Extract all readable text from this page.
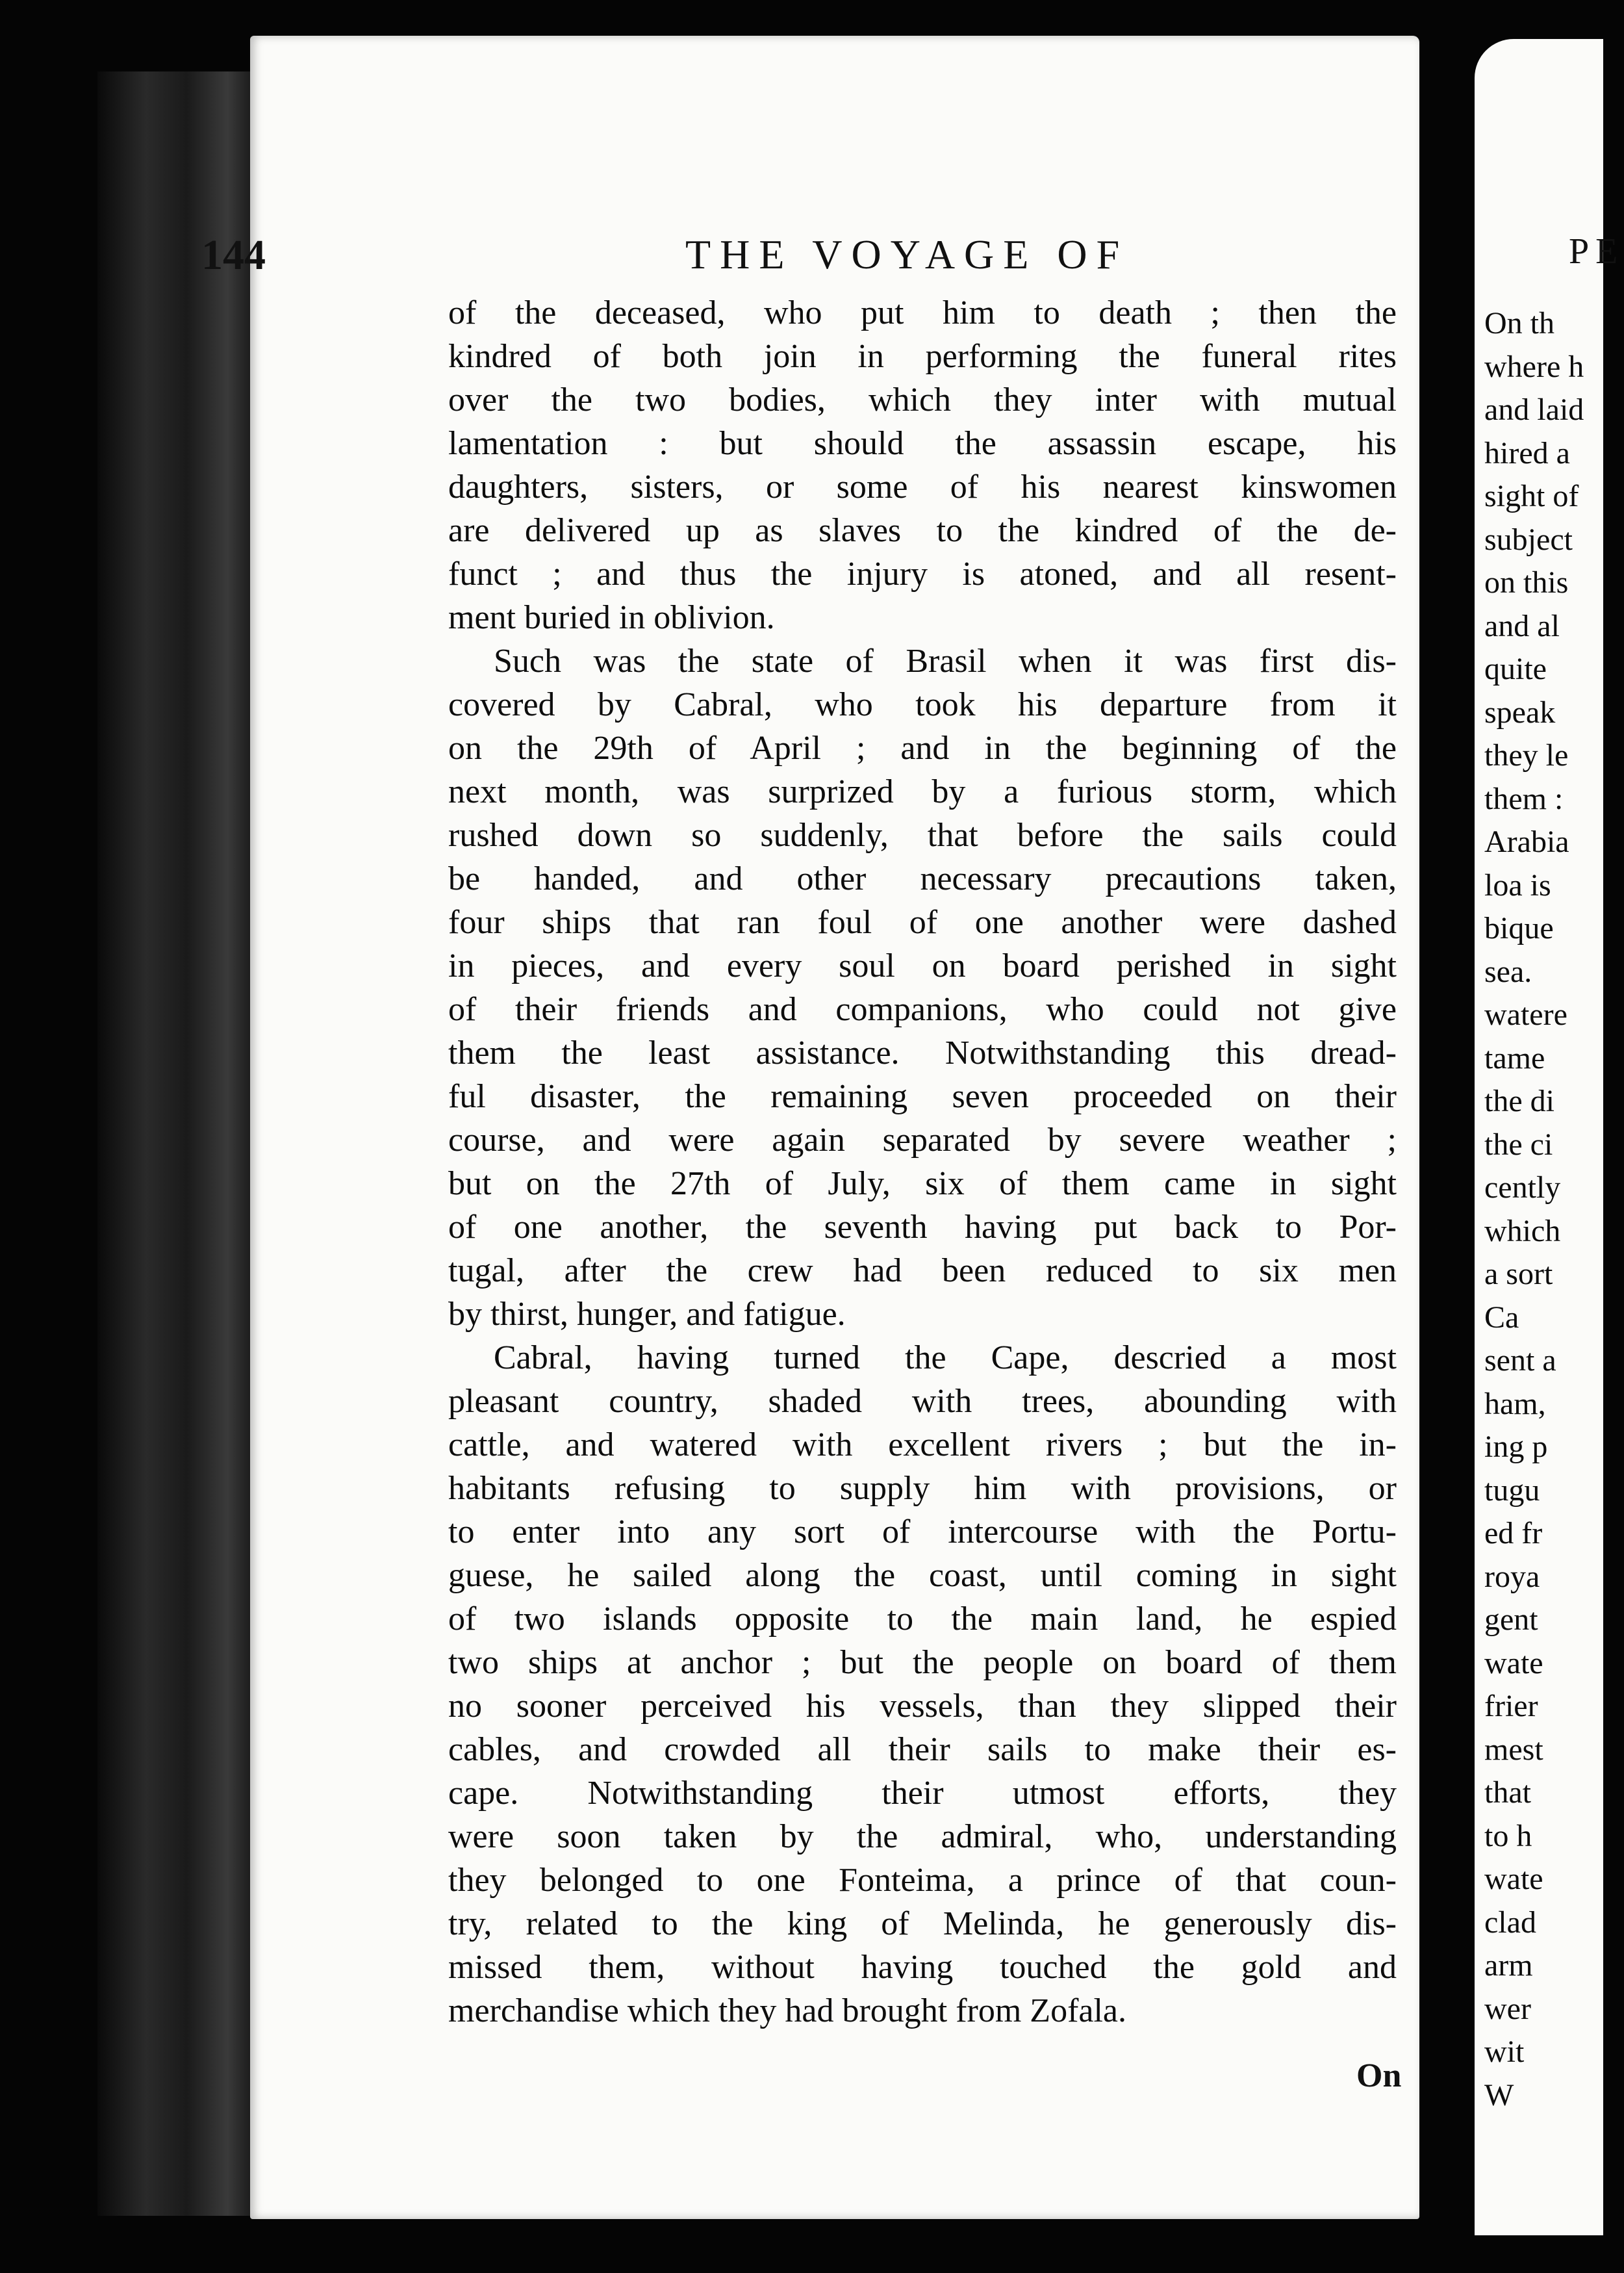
144	THE VOYAGE OF
of the deceased, who put him to death ; then the
kindred of both join in performing the funeral rites
over the two bodies, which they inter with mutual
lamentation : but should the assassin escape, his
daughters, sisters, or some of his nearest kinswomen
are delivered up as slaves to the kindred of the de-
funct ; and thus the injury is atoned, and all resent-
ment buried in oblivion.
Such was the state of Brasil when it was first dis-
covered by Cabral, who took his departure from it
on the 29th of April ; and in the beginning of the
next month, was surprized by a furious storm, which
rushed down so suddenly, that before the sails could
be handed, and other necessary precautions taken,
four ships that ran foul of one another were dashed
in pieces, and every soul on board perished in sight
of their friends and companions, who could not give
them the least assistance. Notwithstanding this dread-
ful disaster, the remaining seven proceeded on their
course, and were again separated by severe weather ;
but on the 27th of July, six of them came in sight
of one another, the seventh having put back to Por-
tugal, after the crew had been reduced to six men
by thirst, hunger, and fatigue.
Cabral, having turned the Cape, descried a most
pleasant country, shaded with trees, abounding with
cattle, and watered with excellent rivers ; but the in-
habitants refusing to supply him with provisions, or
to enter into any sort of intercourse with the Portu-
guese, he sailed along the coast, until coming in sight
of two islands opposite to the main land, he espied
two ships at anchor ; but the people on board of them
no sooner perceived his vessels, than they slipped their
cables, and crowded all their sails to make their es-
cape. Notwithstanding their utmost efforts, they
were soon taken by the admiral, who, understanding
they belonged to one Fonteima, a prince of that coun-
try, related to the king of Melinda, he generously dis-
missed them, without having touched the gold and
merchandise which they had brought from Zofala.
On
PE
On th
where h
and laid
hired a
sight of
subject
on this
and al
quite
speak
they le
them :
Arabia
loa is
bique
sea.
watere
tame
the di
the ci
cently
which
a sort
Ca
sent a
ham,
ing p
tugu
ed fr
roya
gent
wate
frier
mest
that
to h
wate
clad
arm
wer
wit
W
